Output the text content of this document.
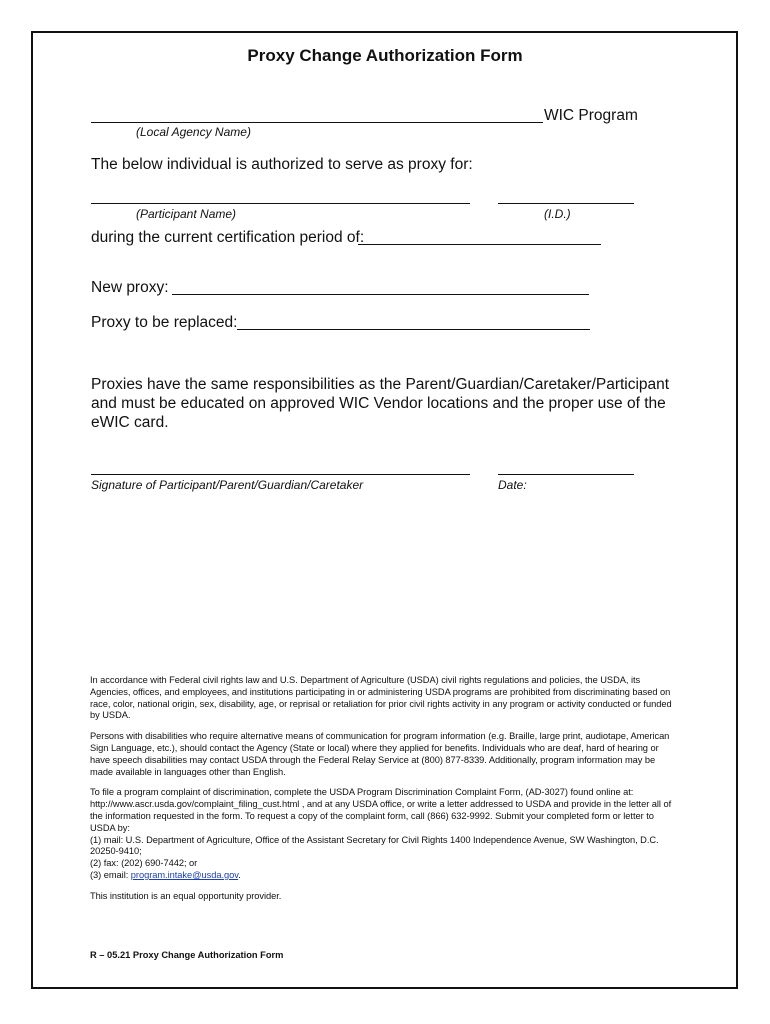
Proxy Change Authorization Form
WIC Program
(Local Agency Name)
The below individual is authorized to serve as proxy for:
(Participant Name)	(I.D.)
during the current certification period of:
New proxy:
Proxy to be replaced:
Proxies have the same responsibilities as the Parent/Guardian/Caretaker/Participant and must be educated on approved WIC Vendor locations and the proper use of the eWIC card.
Signature of Participant/Parent/Guardian/Caretaker	Date:

In accordance with Federal civil rights law and U.S. Department of Agriculture (USDA) civil rights regulations and policies, the USDA, its Agencies, offices, and employees, and institutions participating in or administering USDA programs are prohibited from discriminating based on race, color, national origin, sex, disability, age, or reprisal or retaliation for prior civil rights activity in any program or activity conducted or funded by USDA.

Persons with disabilities who require alternative means of communication for program information (e.g. Braille, large print, audiotape, American Sign Language, etc.), should contact the Agency (State or local) where they applied for benefits. Individuals who are deaf, hard of hearing or have speech disabilities may contact USDA through the Federal Relay Service at (800) 877-8339. Additionally, program information may be made available in languages other than English.

To file a program complaint of discrimination, complete the USDA Program Discrimination Complaint Form, (AD-3027) found online at: http://www.ascr.usda.gov/complaint_filing_cust.html , and at any USDA office, or write a letter addressed to USDA and provide in the letter all of the information requested in the form. To request a copy of the complaint form, call (866) 632-9992. Submit your completed form or letter to USDA by:

(1) mail: U.S. Department of Agriculture, Office of the Assistant Secretary for Civil Rights 1400 Independence Avenue, SW Washington, D.C. 20250-9410;

(2) fax: (202) 690-7442; or

(3) email: program.intake@usda.gov.

This institution is an equal opportunity provider.

R – 05.21 Proxy Change Authorization Form
